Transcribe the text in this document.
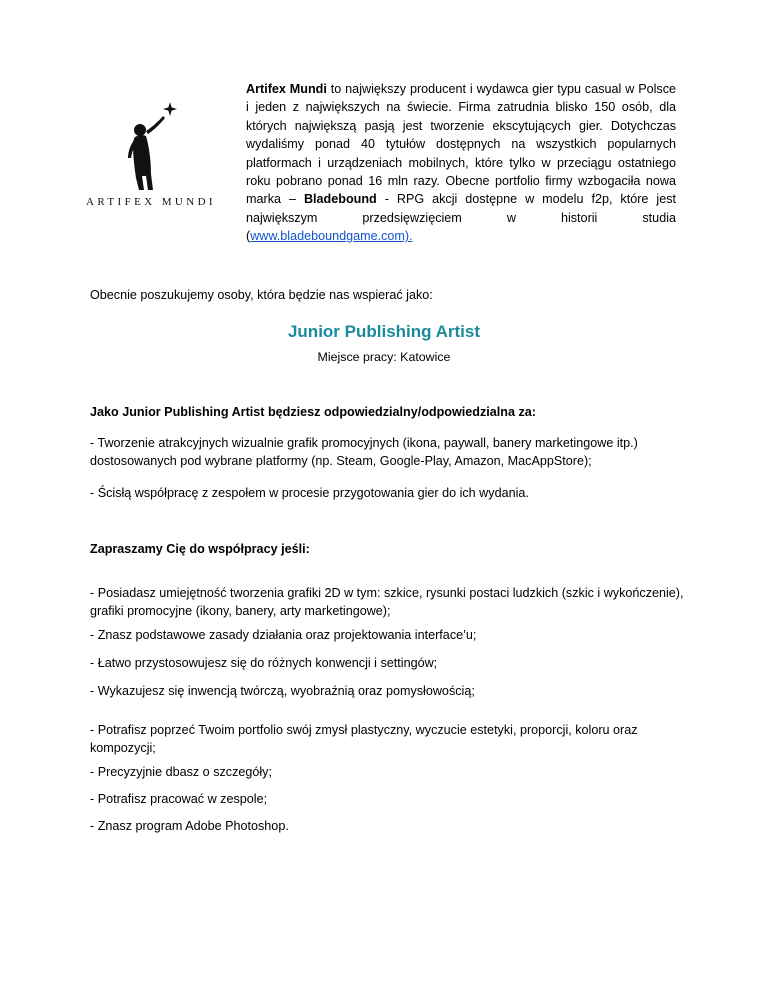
ARTIFEX MUNDI
Artifex Mundi to największy producent i wydawca gier typu casual w Polsce i jeden z największych na świecie. Firma zatrudnia blisko 150 osób, dla których największą pasją jest tworzenie ekscytujących gier. Dotychczas wydaliśmy ponad 40 tytułów dostępnych na wszystkich popularnych platformach i urządzeniach mobilnych, które tylko w przeciągu ostatniego roku pobrano ponad 16 mln razy. Obecne portfolio firmy wzbogaciła nowa marka – Bladebound - RPG akcji dostępne w modelu f2p, które jest największym przedsięwzięciem w historii studia (www.bladeboundgame.com).
Obecnie poszukujemy osoby, która będzie nas wspierać jako:
Junior Publishing Artist
Miejsce pracy: Katowice
Jako Junior Publishing Artist będziesz odpowiedzialny/odpowiedzialna za:

- Tworzenie atrakcyjnych wizualnie grafik promocyjnych (ikona, paywall, banery marketingowe itp.) dostosowanych pod wybrane platformy (np. Steam, Google-Play, Amazon, MacAppStore);

- Ścisłą współpracę z zespołem w procesie przygotowania gier do ich wydania.

Zapraszamy Cię do współpracy jeśli:

- Posiadasz umiejętność tworzenia grafiki 2D w tym: szkice, rysunki postaci ludzkich (szkic i wykończenie), grafiki promocyjne (ikony, banery, arty marketingowe);

- Znasz podstawowe zasady działania oraz projektowania interface’u;

- Łatwo przystosowujesz się do różnych konwencji i settingów;

- Wykazujesz się inwencją twórczą, wyobraźnią oraz pomysłowością;

- Potrafisz poprzeć Twoim portfolio swój zmysł plastyczny, wyczucie estetyki, proporcji, koloru oraz kompozycji;

- Precyzyjnie dbasz o szczegóły;

- Potrafisz pracować w zespole;

- Znasz program Adobe Photoshop.
